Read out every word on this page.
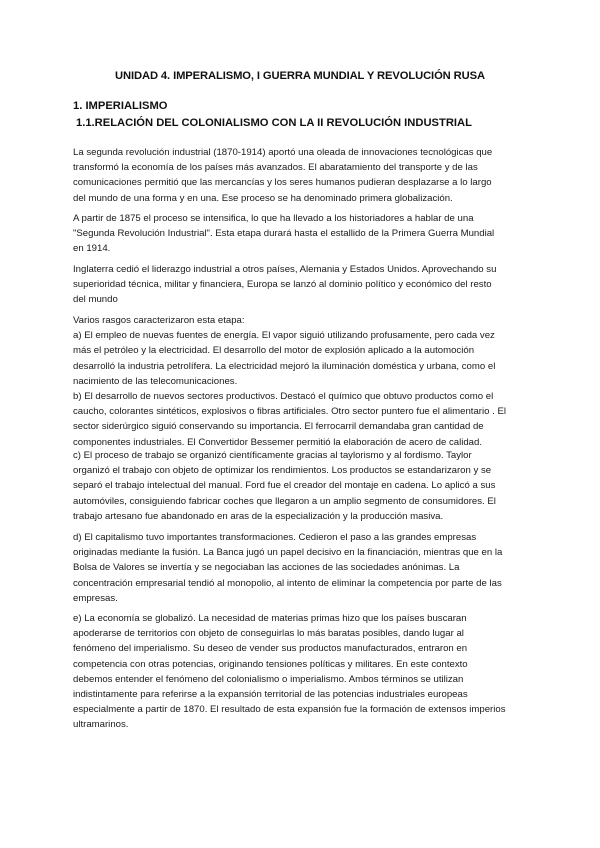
UNIDAD 4. IMPERALISMO, I GUERRA MUNDIAL Y REVOLUCIÓN RUSA
1. IMPERIALISMO
1.1.RELACIÓN DEL COLONIALISMO CON LA II REVOLUCIÓN INDUSTRIAL

La segunda revolución industrial (1870-1914) aportó una oleada de innovaciones tecnológicas que
transformó la economía de los países más avanzados. El abaratamiento del transporte y de las
comunicaciones permitió que las mercancías y los seres humanos pudieran desplazarse a lo largo
del mundo de una forma y en una. Ese proceso se ha denominado primera globalización.

A partir de 1875 el proceso se intensifica, lo que ha llevado a los historiadores a hablar de una
"Segunda Revolución Industrial". Esta etapa durará hasta el estallido de la Primera Guerra Mundial
en 1914.

Inglaterra cedió el liderazgo industrial a otros países, Alemania y Estados Unidos. Aprovechando su
superioridad técnica, militar y financiera, Europa se lanzó al dominio político y económico del resto
del mundo

Varios rasgos caracterizaron esta etapa:
a) El empleo de nuevas fuentes de energía. El vapor siguió utilizando profusamente, pero cada vez
más el petróleo y la electricidad. El desarrollo del motor de explosión aplicado a la automoción
desarrolló la industria petrolífera. La electricidad mejoró la iluminación doméstica y urbana, como el
nacimiento de las telecomunicaciones.
b) El desarrollo de nuevos sectores productivos. Destacó el químico que obtuvo productos como el
caucho, colorantes sintéticos, explosivos o fibras artificiales. Otro sector puntero fue el alimentario . El
sector siderúrgico siguió conservando su importancia. El ferrocarril demandaba gran cantidad de
componentes industriales. El Convertidor Bessemer permitió la elaboración de acero de calidad.

c) El proceso de trabajo se organizó científicamente gracias al taylorismo y al fordismo. Taylor
organizó el trabajo con objeto de optimizar los rendimientos. Los productos se estandarizaron y se
separó el trabajo intelectual del manual. Ford fue el creador del montaje en cadena. Lo aplicó a sus
automóviles, consiguiendo fabricar coches que llegaron a un amplio segmento de consumidores. El
trabajo artesano fue abandonado en aras de la especialización y la producción masiva.

d) El capitalismo tuvo importantes transformaciones. Cedieron el paso a las grandes empresas
originadas mediante la fusión. La Banca jugó un papel decisivo en la financiación, mientras que en la
Bolsa de Valores se invertía y se negociaban las acciones de las sociedades anónimas. La
concentración empresarial tendió al monopolio, al intento de eliminar la competencia por parte de las
empresas.

e) La economía se globalizó. La necesidad de materias primas hizo que los países buscaran
apoderarse de territorios con objeto de conseguirlas lo más baratas posibles, dando lugar al
fenómeno del imperialismo. Su deseo de vender sus productos manufacturados, entraron en
competencia con otras potencias, originando tensiones políticas y militares. En este contexto
debemos entender el fenómeno del colonialismo o imperialismo. Ambos términos se utilizan
indistintamente para referirse a la expansión territorial de las potencias industriales europeas
especialmente a partir de 1870. El resultado de esta expansión fue la formación de extensos imperios
ultramarinos.
